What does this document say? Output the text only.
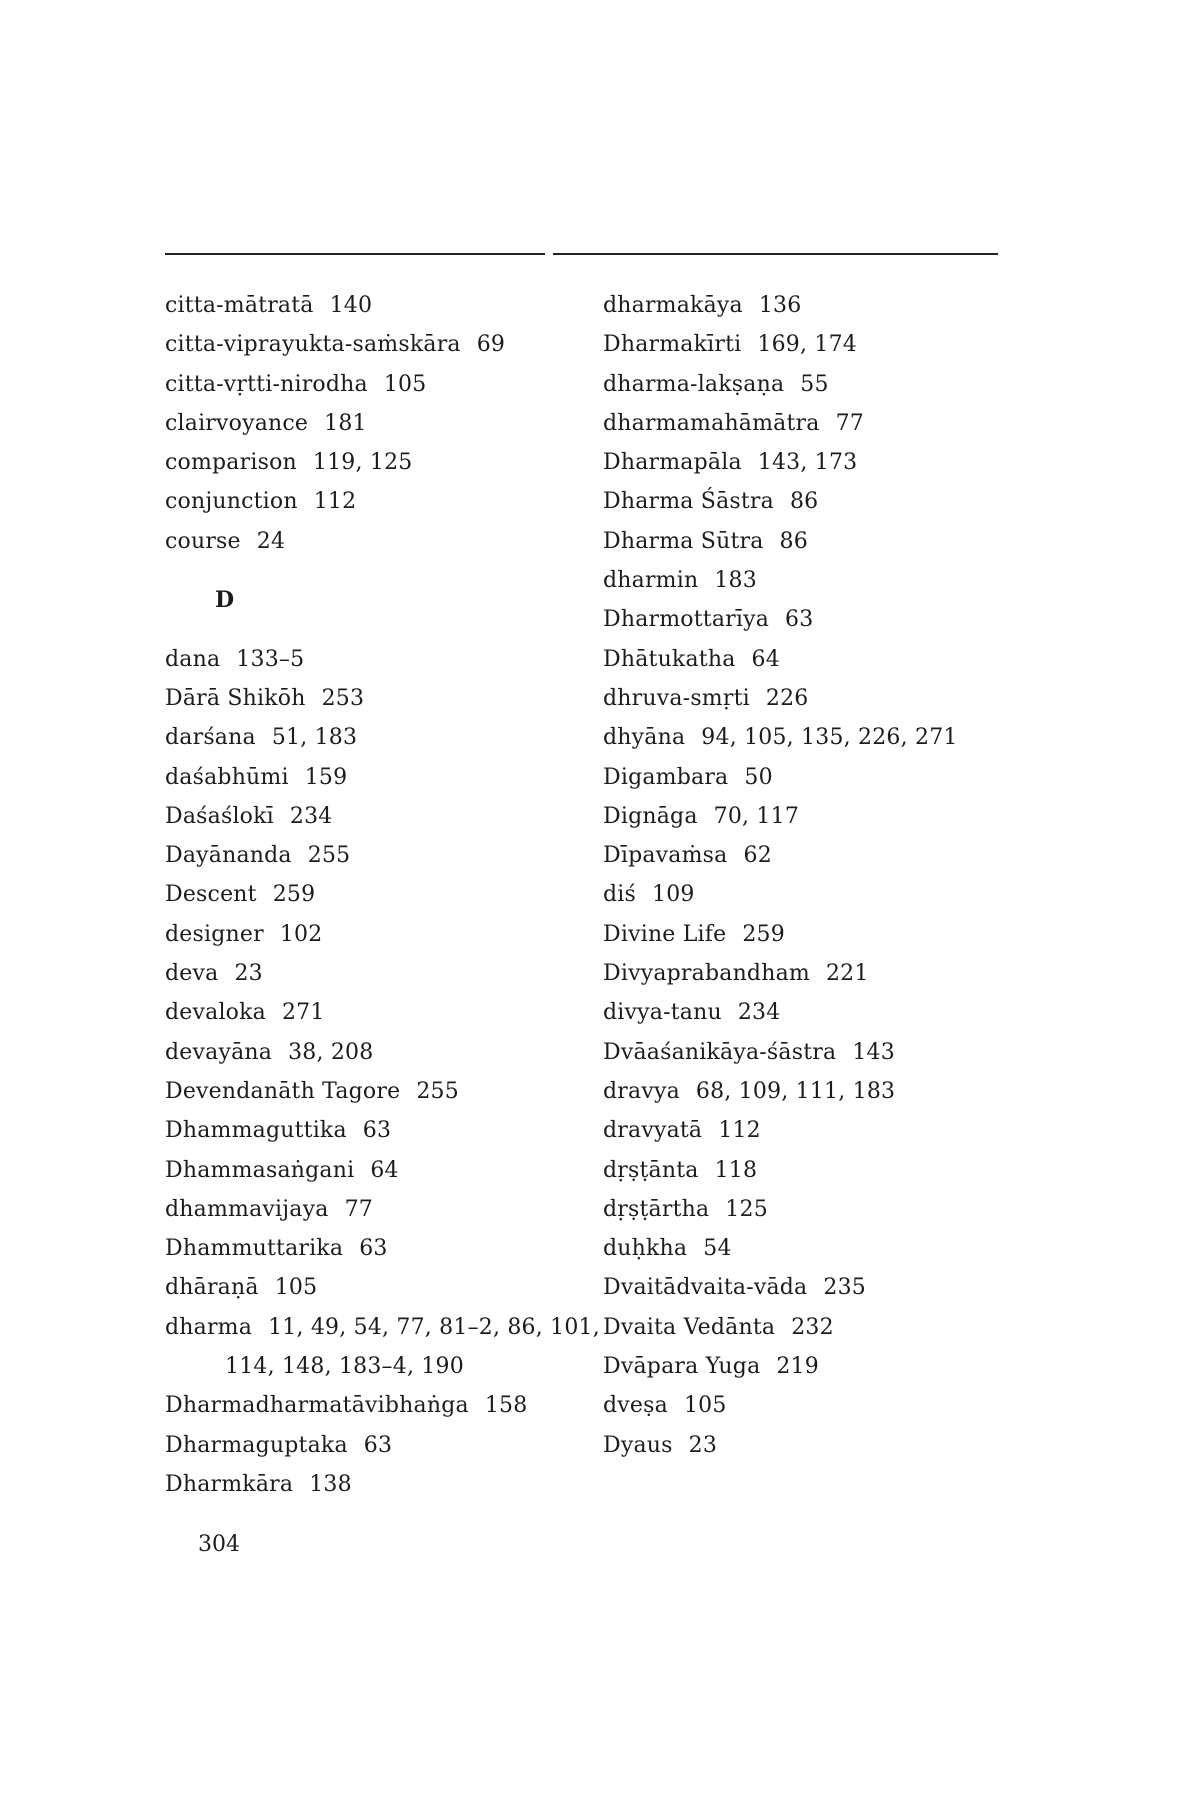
citta-mātratā 140
citta-viprayukta-saṁskāra 69
citta-vṛtti-nirodha 105
clairvoyance 181
comparison 119, 125
conjunction 112
course 24
D
dana 133–5
Dārā Shikōh 253
darśana 51, 183
daśabhūmi 159
Daśaślokī 234
Dayānanda 255
Descent 259
designer 102
deva 23
devaloka 271
devayāna 38, 208
Devendanāth Tagore 255
Dhammaguttika 63
Dhammasaṅgani 64
dhammavijaya 77
Dhammuttarika 63
dhāraṇā 105
dharma 11, 49, 54, 77, 81–2, 86, 101,
114, 148, 183–4, 190
Dharmadharmatāvibhaṅga 158
Dharmaguptaka 63
Dharmkāra 138
dharmakāya 136
Dharmakīrti 169, 174
dharma-lakṣaṇa 55
dharmamahāmātra 77
Dharmapāla 143, 173
Dharma Śāstra 86
Dharma Sūtra 86
dharmin 183
Dharmottarīya 63
Dhātukatha 64
dhruva-smṛti 226
dhyāna 94, 105, 135, 226, 271
Digambara 50
Dignāga 70, 117
Dīpavaṁsa 62
diś 109
Divine Life 259
Divyaprabandham 221
divya-tanu 234
Dvāaśanikāya-śāstra 143
dravya 68, 109, 111, 183
dravyatā 112
dṛṣṭānta 118
dṛṣṭārtha 125
duḥkha 54
Dvaitādvaita-vāda 235
Dvaita Vedānta 232
Dvāpara Yuga 219
dveṣa 105
Dyaus 23
304
